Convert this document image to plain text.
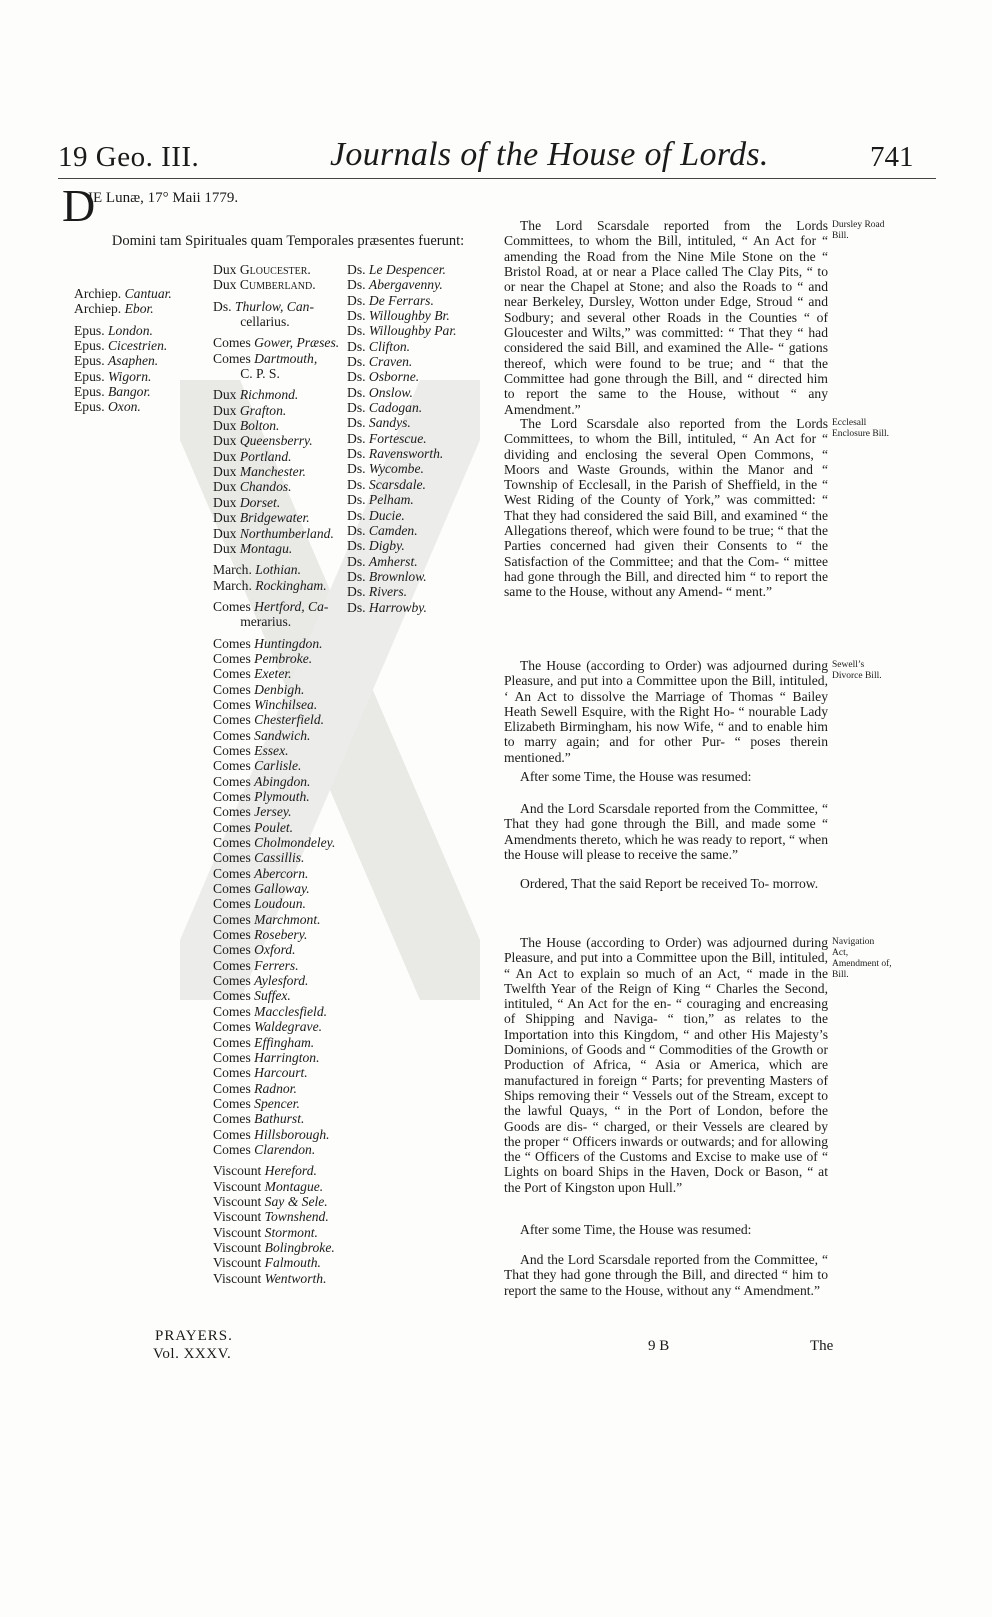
19 Geo. III.	Journals of the House of Lords.	741
D
IE Lunæ, 17° Maii 1779.
Domini tam Spirituales quam Temporales præsentes fuerunt:
Archiep. Cantuar.
Archiep. Ebor.
Epus. London.
Epus. Cicestrien.
Epus. Asaphen.
Epus. Wigorn.
Epus. Bangor.
Epus. Oxon.
Dux Gloucester.
Dux Cumberland.
Ds. Thurlow, Can-
  cellarius.
Comes Gower, Præses.
Comes Dartmouth,
  C. P. S.
Dux Richmond.
Dux Grafton.
Dux Bolton.
Dux Queensberry.
Dux Portland.
Dux Manchester.
Dux Chandos.
Dux Dorset.
Dux Bridgewater.
Dux Northumberland.
Dux Montagu.
March. Lothian.
March. Rockingham.
Comes Hertford, Ca-
  merarius.
Comes Huntingdon.
Comes Pembroke.
Comes Exeter.
Comes Denbigh.
Comes Winchilsea.
Comes Chesterfield.
Comes Sandwich.
Comes Essex.
Comes Carlisle.
Comes Abingdon.
Comes Plymouth.
Comes Jersey.
Comes Poulet.
Comes Cholmondeley.
Comes Cassillis.
Comes Abercorn.
Comes Galloway.
Comes Loudoun.
Comes Marchmont.
Comes Rosebery.
Comes Oxford.
Comes Ferrers.
Comes Aylesford.
Comes Suffex.
Comes Macclesfield.
Comes Waldegrave.
Comes Effingham.
Comes Harrington.
Comes Harcourt.
Comes Radnor.
Comes Spencer.
Comes Bathurst.
Comes Hillsborough.
Comes Clarendon.
Viscount Hereford.
Viscount Montague.
Viscount Say & Sele.
Viscount Townshend.
Viscount Stormont.
Viscount Bolingbroke.
Viscount Falmouth.
Viscount Wentworth.
Ds. Le Despencer.
Ds. Abergavenny.
Ds. De Ferrars.
Ds. Willoughby Br.
Ds. Willoughby Par.
Ds. Clifton.
Ds. Craven.
Ds. Osborne.
Ds. Onslow.
Ds. Cadogan.
Ds. Sandys.
Ds. Fortescue.
Ds. Ravensworth.
Ds. Wycombe.
Ds. Scarsdale.
Ds. Pelham.
Ds. Ducie.
Ds. Camden.
Ds. Digby.
Ds. Amherst.
Ds. Brownlow.
Ds. Rivers.
Ds. Harrowby.

The Lord Scarsdale reported from the Lords Committees, to whom the Bill, intituled, “ An Act for “ amending the Road from the Nine Mile Stone on the “ Bristol Road, at or near a Place called The Clay Pits, “ to or near the Chapel at Stone; and also the Roads to “ and near Berkeley, Dursley, Wotton under Edge, Stroud “ and Sodbury; and several other Roads in the Counties “ of Gloucester and Wilts,” was committed: “ That they “ had considered the said Bill, and examined the Alle- “ gations thereof, which were found to be true; and “ that the Committee had gone through the Bill, and “ directed him to report the same to the House, without “ any Amendment.”

The Lord Scarsdale also reported from the Lords Committees, to whom the Bill, intituled, “ An Act for “ dividing and enclosing the several Open Commons, “ Moors and Waste Grounds, within the Manor and “ Township of Ecclesall, in the Parish of Sheffield, in the “ West Riding of the County of York,” was committed: “ That they had considered the said Bill, and examined “ the Allegations thereof, which were found to be true; “ that the Parties concerned had given their Consents to “ the Satisfaction of the Committee; and that the Com- “ mittee had gone through the Bill, and directed him “ to report the same to the House, without any Amend- “ ment.”

The House (according to Order) was adjourned during Pleasure, and put into a Committee upon the Bill, intituled, ‘ An Act to dissolve the Marriage of Thomas “ Bailey Heath Sewell Esquire, with the Right Ho- “ nourable Lady Elizabeth Birmingham, his now Wife, “ and to enable him to marry again; and for other Pur- “ poses therein mentioned.”

After some Time, the House was resumed:

And the Lord Scarsdale reported from the Committee, “ That they had gone through the Bill, and made some “ Amendments thereto, which he was ready to report, “ when the House will please to receive the same.”

Ordered, That the said Report be received To- morrow.

The House (according to Order) was adjourned during Pleasure, and put into a Committee upon the Bill, intituled, “ An Act to explain so much of an Act, “ made in the Twelfth Year of the Reign of King “ Charles the Second, intituled, “ An Act for the en- “ couraging and encreasing of Shipping and Naviga- “ tion,” as relates to the Importation into this Kingdom, “ and other His Majesty’s Dominions, of Goods and “ Commodities of the Growth or Production of Africa, “ Asia or America, which are manufactured in foreign “ Parts; for preventing Masters of Ships removing their “ Vessels out of the Stream, except to the lawful Quays, “ in the Port of London, before the Goods are dis- “ charged, or their Vessels are cleared by the proper “ Officers inwards or outwards; and for allowing the “ Officers of the Customs and Excise to make use of “ Lights on board Ships in the Haven, Dock or Bason, “ at the Port of Kingston upon Hull.”

After some Time, the House was resumed:

And the Lord Scarsdale reported from the Committee, “ That they had gone through the Bill, and directed “ him to report the same to the House, without any “ Amendment.”

Dursley Road Bill.
Ecclesall Enclosure Bill.
Sewell’s Divorce Bill.
Navigation Act, Amendment of, Bill.
PRAYERS.
Vol. XXXV.	9 B	The
